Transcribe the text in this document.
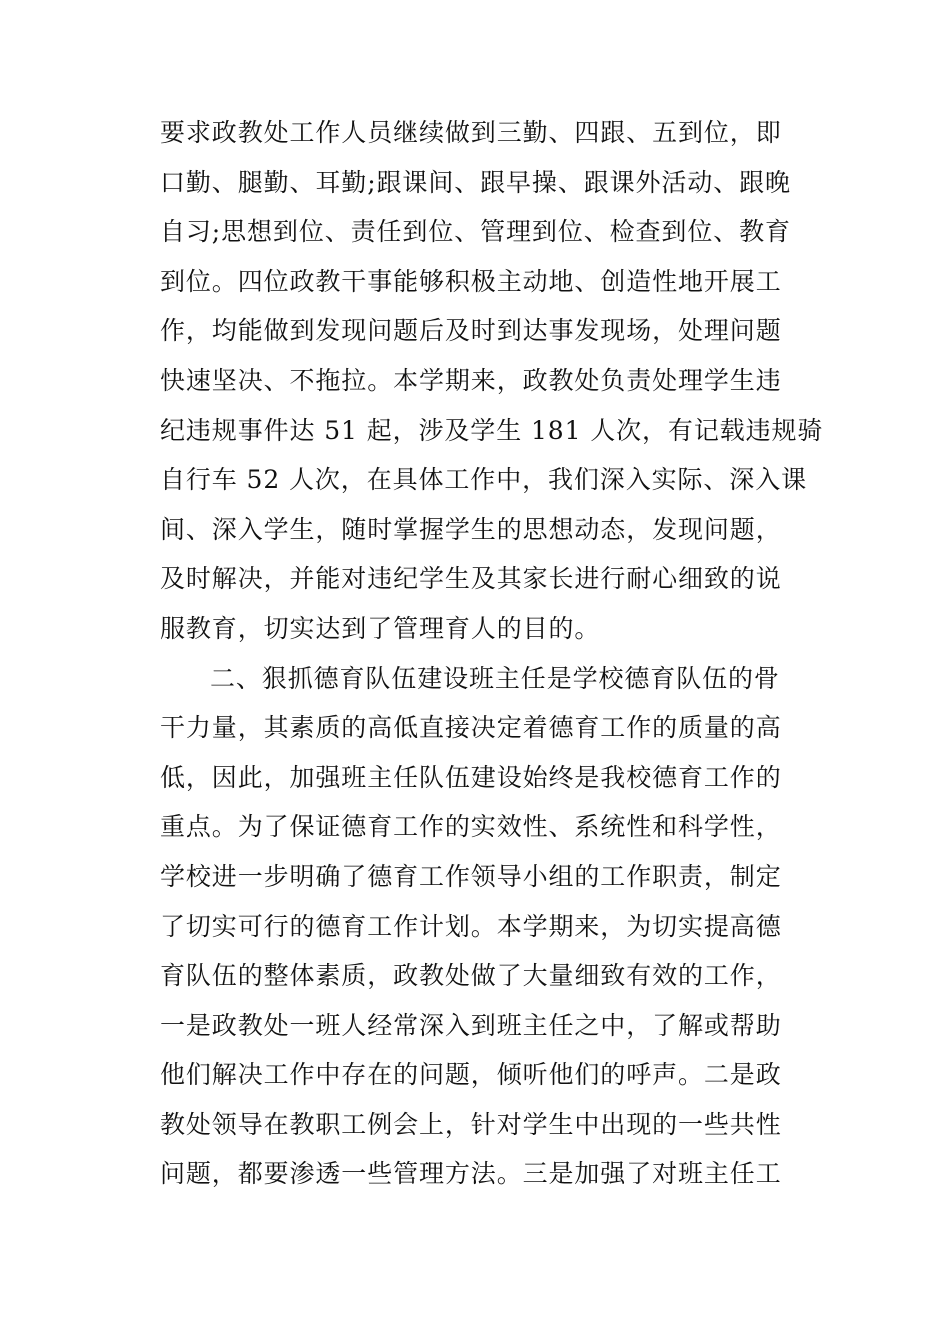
要求政教处工作人员继续做到三勤、四跟、五到位，即
口勤、腿勤、耳勤;跟课间、跟早操、跟课外活动、跟晚
自习;思想到位、责任到位、管理到位、检查到位、教育
到位。四位政教干事能够积极主动地、创造性地开展工
作，均能做到发现问题后及时到达事发现场，处理问题
快速坚决、不拖拉。本学期来，政教处负责处理学生违
纪违规事件达 51 起，涉及学生 181 人次，有记载违规骑
自行车 52 人次，在具体工作中，我们深入实际、深入课
间、深入学生，随时掌握学生的思想动态，发现问题，
及时解决，并能对违纪学生及其家长进行耐心细致的说
服教育，切实达到了管理育人的目的。
二、狠抓德育队伍建设班主任是学校德育队伍的骨
干力量，其素质的高低直接决定着德育工作的质量的高
低，因此，加强班主任队伍建设始终是我校德育工作的
重点。为了保证德育工作的实效性、系统性和科学性，
学校进一步明确了德育工作领导小组的工作职责，制定
了切实可行的德育工作计划。本学期来，为切实提高德
育队伍的整体素质，政教处做了大量细致有效的工作，
一是政教处一班人经常深入到班主任之中，了解或帮助
他们解决工作中存在的问题，倾听他们的呼声。二是政
教处领导在教职工例会上，针对学生中出现的一些共性
问题，都要渗透一些管理方法。三是加强了对班主任工
